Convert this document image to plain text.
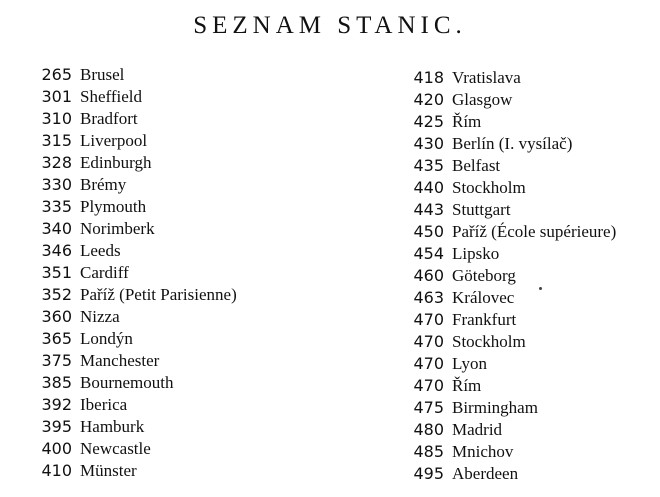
SEZNAM STANIC.
265 Brusel
301 Sheffield
310 Bradfort
315 Liverpool
328 Edinburgh
330 Brémy
335 Plymouth
340 Norimberk
346 Leeds
351 Cardiff
352 Paříž (Petit Parisienne)
360 Nizza
365 Londýn
375 Manchester
385 Bournemouth
392 Iberica
395 Hamburk
400 Newcastle
410 Münster
418 Vratislava
420 Glasgow
425 Řím
430 Berlín (I. vysílač)
435 Belfast
440 Stockholm
443 Stuttgart
450 Paříž (École supérieure)
454 Lipsko
460 Göteborg
463 Královec
470 Frankfurt
470 Stockholm
470 Lyon
470 Řím
475 Birmingham
480 Madrid
485 Mnichov
495 Aberdeen
